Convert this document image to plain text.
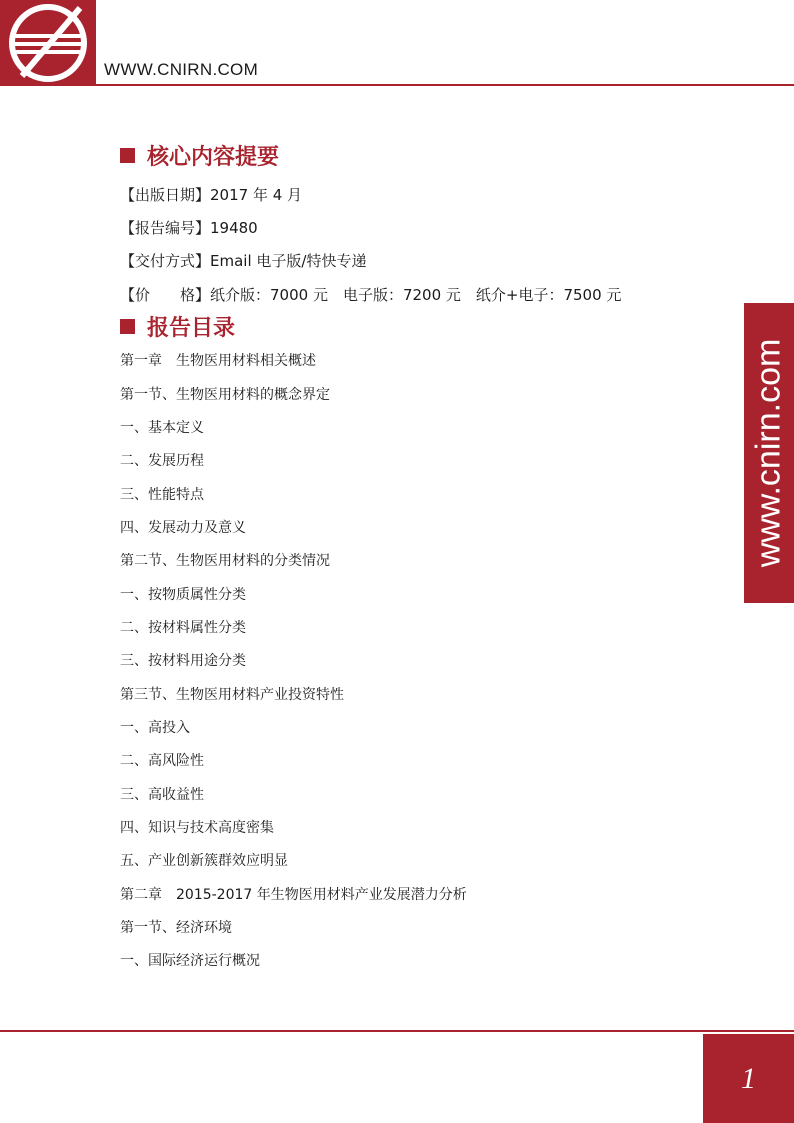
WWW.CNIRN.COM
核心内容提要
【出版日期】2017 年 4 月
【报告编号】19480
【交付方式】Email 电子版/特快专递
【价　　格】纸介版：7000 元　电子版：7200 元　纸介+电子：7500 元
报告目录
第一章　生物医用材料相关概述
第一节、生物医用材料的概念界定
一、基本定义
二、发展历程
三、性能特点
四、发展动力及意义
第二节、生物医用材料的分类情况
一、按物质属性分类
二、按材料属性分类
三、按材料用途分类
第三节、生物医用材料产业投资特性
一、高投入
二、高风险性
三、高收益性
四、知识与技术高度密集
五、产业创新簇群效应明显
第二章　2015-2017 年生物医用材料产业发展潜力分析
第一节、经济环境
一、国际经济运行概况
www.cnirn.com
1
